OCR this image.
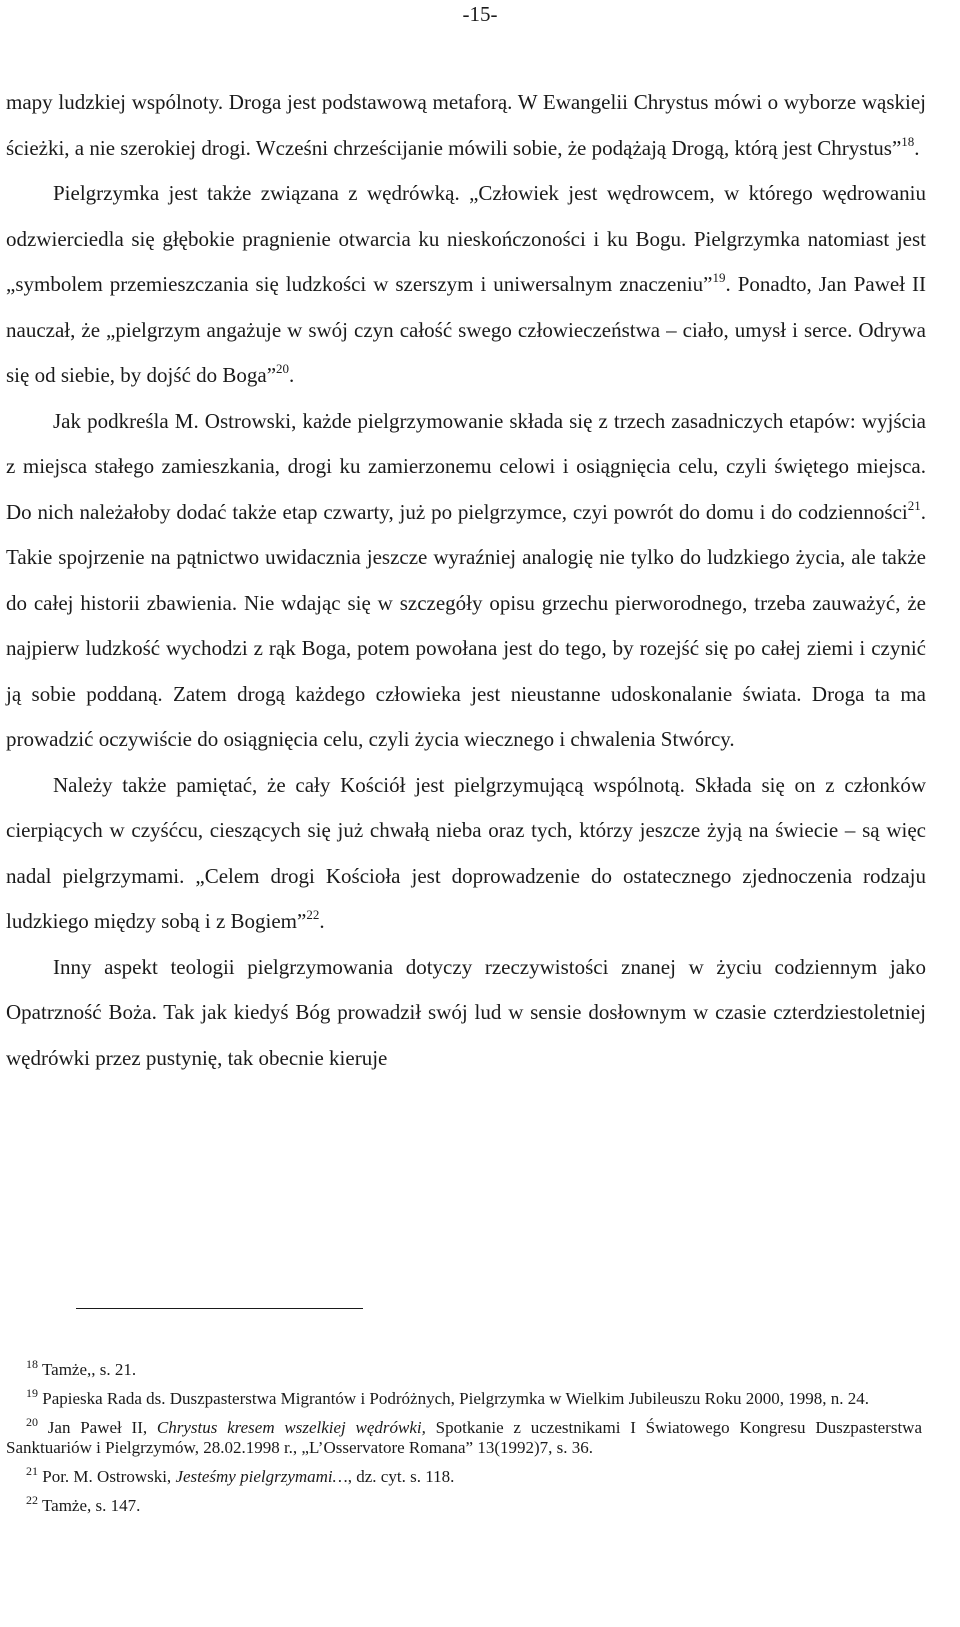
-15-

mapy ludzkiej wspólnoty. Droga jest podstawową metaforą. W Ewangelii Chrystus mówi o wyborze wąskiej ścieżki, a nie szerokiej drogi. Wcześni chrześcijanie mówili sobie, że podążają Drogą, którą jest Chrystus”$^{18}$.

Pielgrzymka jest także związana z wędrówką. „Człowiek jest wędrowcem, w którego wędrowaniu odzwierciedla się głębokie pragnienie otwarcia ku nieskończoności i ku Bogu. Pielgrzymka natomiast jest „symbolem przemieszczania się ludzkości w szerszym i uniwersalnym znaczeniu”$^{19}$. Ponadto, Jan Paweł II nauczał, że „pielgrzym angażuje w swój czyn całość swego człowieczeństwa – ciało, umysł i serce. Odrywa się od siebie, by dojść do Boga”$^{20}$.

Jak podkreśla M. Ostrowski, każde pielgrzymowanie składa się z trzech zasadniczych etapów: wyjścia z miejsca stałego zamieszkania, drogi ku zamierzonemu celowi i osiągnięcia celu, czyli świętego miejsca. Do nich należałoby dodać także etap czwarty, już po pielgrzymce, czyi powrót do domu i do codzienności$^{21}$. Takie spojrzenie na pątnictwo uwidacznia jeszcze wyraźniej analogię nie tylko do ludzkiego życia, ale także do całej historii zbawienia. Nie wdając się w szczegóły opisu grzechu pierworodnego, trzeba zauważyć, że najpierw ludzkość wychodzi z rąk Boga, potem powołana jest do tego, by rozejść się po całej ziemi i czynić ją sobie poddaną. Zatem drogą każdego człowieka jest nieustanne udoskonalanie świata. Droga ta ma prowadzić oczywiście do osiągnięcia celu, czyli życia wiecznego i chwalenia Stwórcy.

Należy także pamiętać, że cały Kościół jest pielgrzymującą wspólnotą. Składa się on z członków cierpiących w czyśćcu, cieszących się już chwałą nieba oraz tych, którzy jeszcze żyją na świecie – są więc nadal pielgrzymami. „Celem drogi Kościoła jest doprowadzenie do ostatecznego zjednoczenia rodzaju ludzkiego między sobą i z Bogiem”$^{22}$.

Inny aspekt teologii pielgrzymowania dotyczy rzeczywistości znanej w życiu codziennym jako Opatrzność Boża. Tak jak kiedyś Bóg prowadził swój lud w sensie dosłownym w czasie czterdziestoletniej wędrówki przez pustynię, tak obecnie kieruje

$^{18}$ Tamże,, s. 21.

$^{19}$ Papieska Rada ds. Duszpasterstwa Migrantów i Podróżnych, Pielgrzymka w Wielkim Jubileuszu Roku 2000, 1998, n. 24.

$^{20}$ Jan Paweł II, Chrystus kresem wszelkiej wędrówki, Spotkanie z uczestnikami I Światowego Kongresu Duszpasterstwa Sanktuariów i Pielgrzymów, 28.02.1998 r., „L’Osservatore Romana” 13(1992)7, s. 36.

$^{21}$ Por. M. Ostrowski, Jesteśmy pielgrzymami…, dz. cyt. s. 118.

$^{22}$ Tamże, s. 147.
